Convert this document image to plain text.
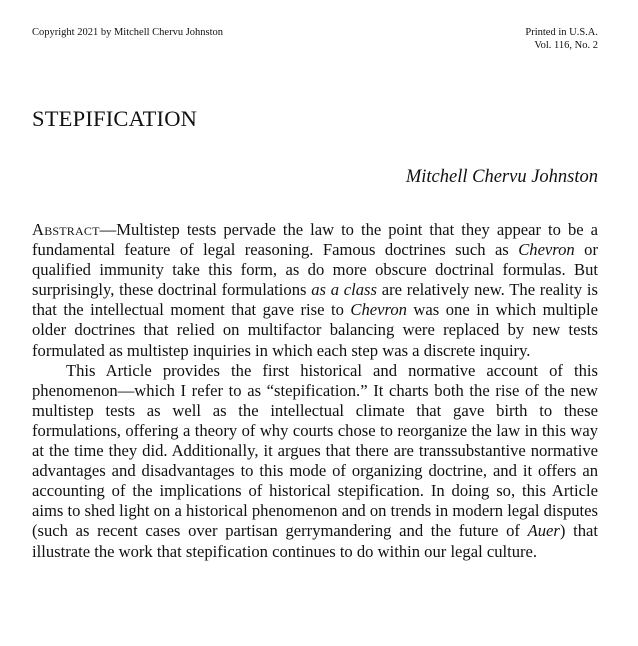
Copyright 2021 by Mitchell Chervu Johnston	Printed in U.S.A.
Vol. 116, No. 2
STEPIFICATION
Mitchell Chervu Johnston

Abstract—Multistep tests pervade the law to the point that they appear to be a fundamental feature of legal reasoning. Famous doctrines such as Chevron or qualified immunity take this form, as do more obscure doctrinal formulas. But surprisingly, these doctrinal formulations as a class are relatively new. The reality is that the intellectual moment that gave rise to Chevron was one in which multiple older doctrines that relied on multifactor balancing were replaced by new tests formulated as multistep inquiries in which each step was a discrete inquiry.

This Article provides the first historical and normative account of this phenomenon—which I refer to as “stepification.” It charts both the rise of the new multistep tests as well as the intellectual climate that gave birth to these formulations, offering a theory of why courts chose to reorganize the law in this way at the time they did. Additionally, it argues that there are transsubstantive normative advantages and disadvantages to this mode of organizing doctrine, and it offers an accounting of the implications of historical stepification. In doing so, this Article aims to shed light on a historical phenomenon and on trends in modern legal disputes (such as recent cases over partisan gerrymandering and the future of Auer) that illustrate the work that stepification continues to do within our legal culture.
